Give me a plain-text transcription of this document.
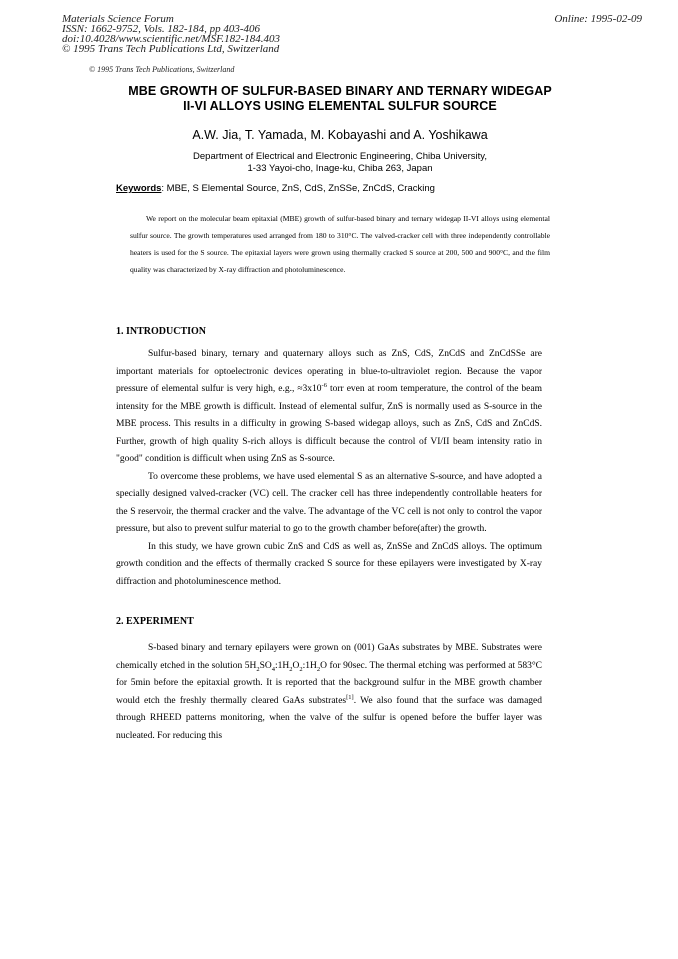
Materials Science Forum
ISSN: 1662-9752, Vols. 182-184, pp 403-406
doi:10.4028/www.scientific.net/MSF.182-184.403
© 1995 Trans Tech Publications Ltd, Switzerland
Online: 1995-02-09
© 1995 Trans Tech Publications, Switzerland
MBE GROWTH OF SULFUR-BASED BINARY AND TERNARY WIDEGAP
II-VI ALLOYS USING ELEMENTAL SULFUR SOURCE
A.W. Jia, T. Yamada, M. Kobayashi and A. Yoshikawa
Department of Electrical and Electronic Engineering, Chiba University,
1-33 Yayoi-cho, Inage-ku, Chiba 263, Japan
Keywords: MBE, S Elemental Source, ZnS, CdS, ZnSSe, ZnCdS, Cracking

We report on the molecular beam epitaxial (MBE) growth of sulfur-based binary and ternary widegap II-VI alloys using elemental sulfur source. The growth temperatures used arranged from 180 to 310°C. The valved-cracker cell with three independently controllable heaters is used for the S source. The epitaxial layers were grown using thermally cracked S source at 200, 500 and 900°C, and the film quality was characterized by X-ray diffraction and photoluminescence.

1. INTRODUCTION

Sulfur-based binary, ternary and quaternary alloys such as ZnS, CdS, ZnCdS and ZnCdSSe are important materials for optoelectronic devices operating in blue-to-ultraviolet region. Because the vapor pressure of elemental sulfur is very high, e.g., $\approx 3x10^{-6}$ torr even at room temperature, the control of the beam intensity for the MBE growth is difficult. Instead of elemental sulfur, ZnS is normally used as S-source in the MBE process. This results in a difficulty in growing S-based widegap alloys, such as ZnS, CdS and ZnCdS. Further, growth of high quality S-rich alloys is difficult because the control of VI/II beam intensity ratio in "good" condition is difficult when using ZnS as S-source.

To overcome these problems, we have used elemental S as an alternative S-source, and have adopted a specially designed valved-cracker (VC) cell. The cracker cell has three independently controllable heaters for the S reservoir, the thermal cracker and the valve. The advantage of the VC cell is not only to control the vapor pressure, but also to prevent sulfur material to go to the growth chamber before(after) the growth.

In this study, we have grown cubic ZnS and CdS as well as, ZnSSe and ZnCdS alloys. The optimum growth condition and the effects of thermally cracked S source for these epilayers were investigated by X-ray diffraction and photoluminescence method.

2. EXPERIMENT

S-based binary and ternary epilayers were grown on (001) GaAs substrates by MBE. Substrates were chemically etched in the solution $5H_2SO_4:1H_2O_2:1H_2O$ for 90sec. The thermal etching was performed at 583°C for 5min before the epitaxial growth. It is reported that the background sulfur in the MBE growth chamber would etch the freshly thermally cleared GaAs substrates[1]. We also found that the surface was damaged through RHEED patterns monitoring, when the valve of the sulfur is opened before the buffer layer was nucleated. For reducing this
